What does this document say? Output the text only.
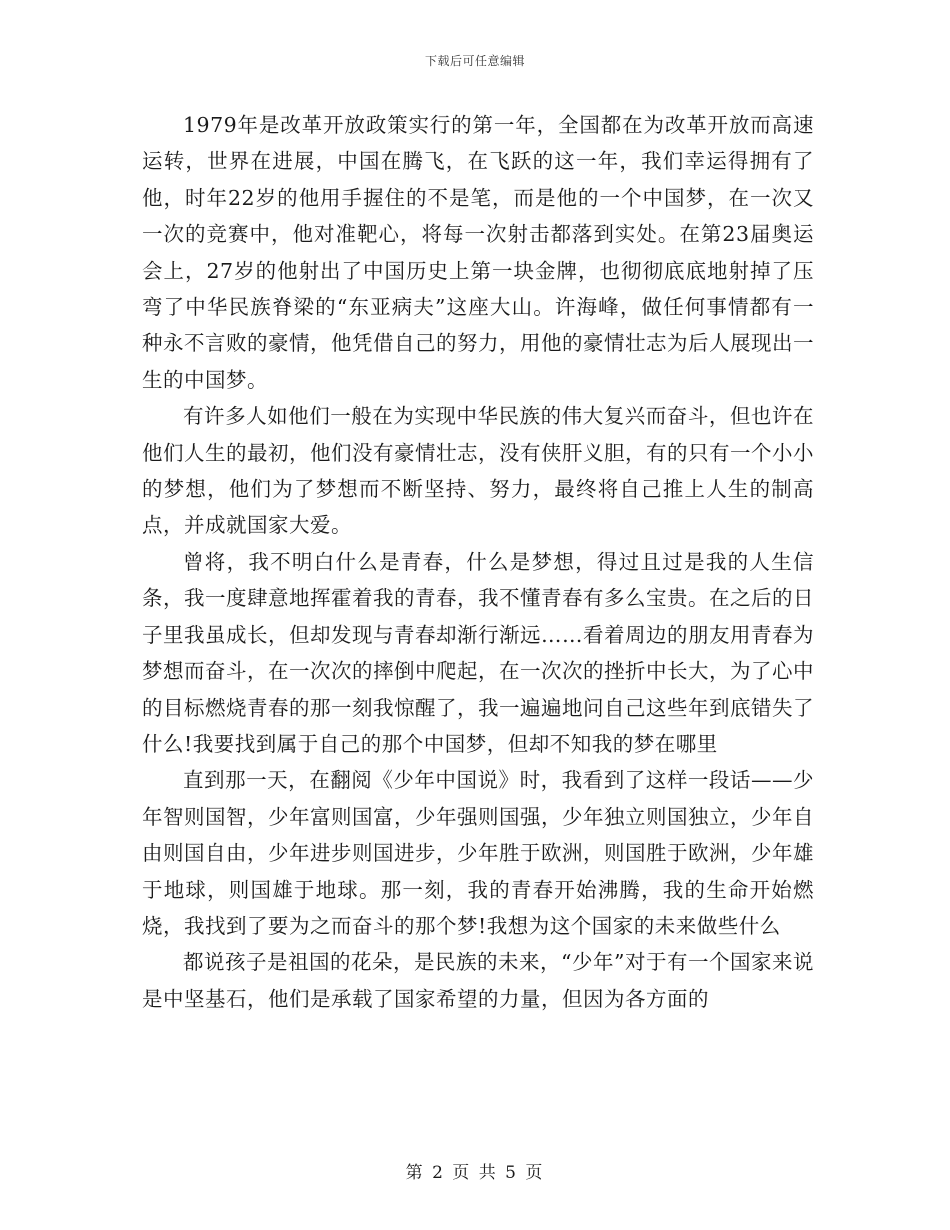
下载后可任意编辑

1979年是改革开放政策实行的第一年，全国都在为改革开放而高速运转，世界在进展，中国在腾飞，在飞跃的这一年，我们幸运得拥有了他，时年22岁的他用手握住的不是笔，而是他的一个中国梦，在一次又一次的竞赛中，他对准靶心，将每一次射击都落到实处。在第23届奥运会上，27岁的他射出了中国历史上第一块金牌，也彻彻底底地射掉了压弯了中华民族脊梁的“东亚病夫”这座大山。许海峰，做任何事情都有一种永不言败的豪情，他凭借自己的努力，用他的豪情壮志为后人展现出一生的中国梦。

有许多人如他们一般在为实现中华民族的伟大复兴而奋斗，但也许在他们人生的最初，他们没有豪情壮志，没有侠肝义胆，有的只有一个小小的梦想，他们为了梦想而不断坚持、努力，最终将自己推上人生的制高点，并成就国家大爱。

曾将，我不明白什么是青春，什么是梦想，得过且过是我的人生信条，我一度肆意地挥霍着我的青春，我不懂青春有多么宝贵。在之后的日子里我虽成长，但却发现与青春却渐行渐远……看着周边的朋友用青春为梦想而奋斗，在一次次的摔倒中爬起，在一次次的挫折中长大，为了心中的目标燃烧青春的那一刻我惊醒了，我一遍遍地问自己这些年到底错失了什么!我要找到属于自己的那个中国梦，但却不知我的梦在哪里

直到那一天，在翻阅《少年中国说》时，我看到了这样一段话——少年智则国智，少年富则国富，少年强则国强，少年独立则国独立，少年自由则国自由，少年进步则国进步，少年胜于欧洲，则国胜于欧洲，少年雄于地球，则国雄于地球。那一刻，我的青春开始沸腾，我的生命开始燃烧，我找到了要为之而奋斗的那个梦!我想为这个国家的未来做些什么

都说孩子是祖国的花朵，是民族的未来，“少年”对于有一个国家来说是中坚基石，他们是承载了国家希望的力量，但因为各方面的

第 2 页 共 5 页
